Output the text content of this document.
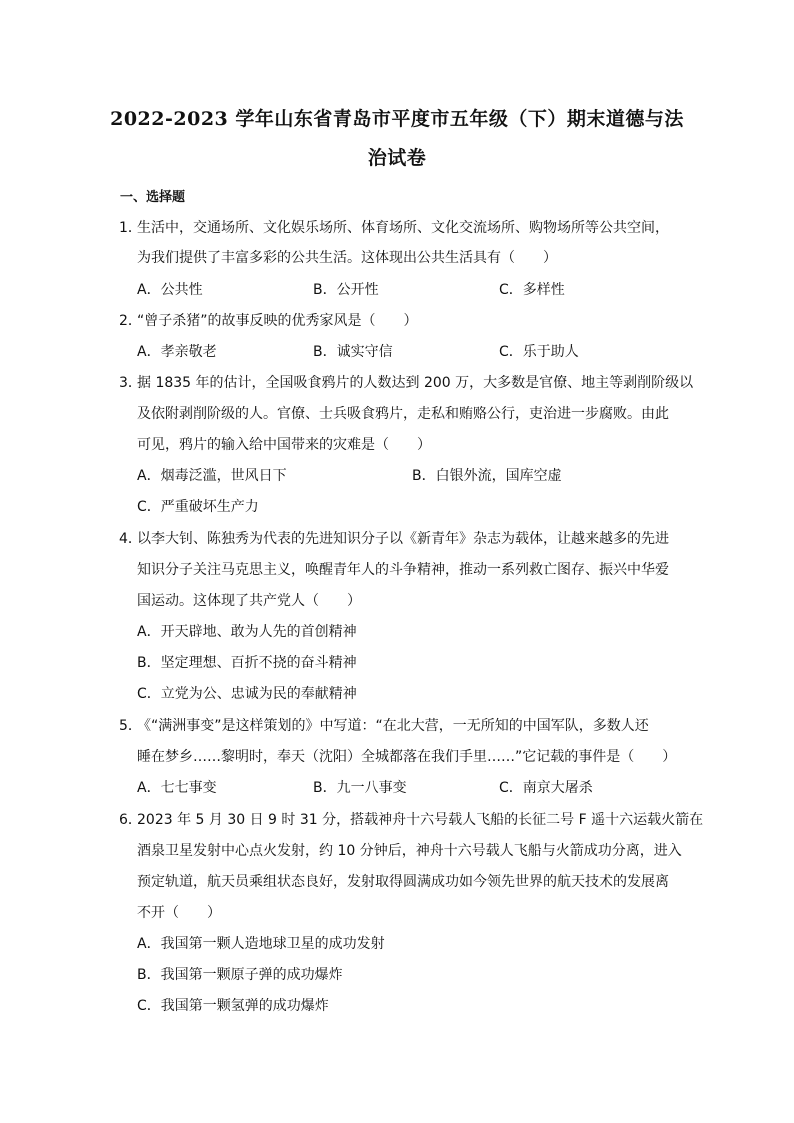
2022-2023 学年山东省青岛市平度市五年级（下）期末道德与法
治试卷
一、选择题
1．
生活中，交通场所、文化娱乐场所、体育场所、文化交流场所、购物场所等公共空间，
为我们提供了丰富多彩的公共生活。这体现出公共生活具有（　　）
A．公共性	B．公开性	C．多样性
2．
“曾子杀猪”的故事反映的优秀家风是（　　）
A．孝亲敬老	B．诚实守信	C．乐于助人
3．
据 1835 年的估计，全国吸食鸦片的人数达到 200 万，大多数是官僚、地主等剥削阶级以
及依附剥削阶级的人。官僚、士兵吸食鸦片，走私和贿赂公行，吏治进一步腐败。由此
可见，鸦片的输入给中国带来的灾难是（　　）
A．烟毒泛滥，世风日下	B．白银外流，国库空虚
C．严重破坏生产力
4．
以李大钊、陈独秀为代表的先进知识分子以《新青年》杂志为载体，让越来越多的先进
知识分子关注马克思主义，唤醒青年人的斗争精神，推动一系列救亡图存、振兴中华爱
国运动。这体现了共产党人（　　）
A．开天辟地、敢为人先的首创精神
B．坚定理想、百折不挠的奋斗精神
C．立党为公、忠诚为民的奉献精神
5．
《“满洲事变”是这样策划的》中写道：“在北大营，一无所知的中国军队，多数人还
睡在梦乡……黎明时，奉天（沈阳）全城都落在我们手里……”它记载的事件是（　　）
A．七七事变	B．九一八事变	C．南京大屠杀
6．
2023 年 5 月 30 日 9 时 31 分，搭载神舟十六号载人飞船的长征二号 F 遥十六运载火箭在
酒泉卫星发射中心点火发射，约 10 分钟后，神舟十六号载人飞船与火箭成功分离，进入
预定轨道，航天员乘组状态良好，发射取得圆满成功如今领先世界的航天技术的发展离
不开（　　）
A．我国第一颗人造地球卫星的成功发射
B．我国第一颗原子弹的成功爆炸
C．我国第一颗氢弹的成功爆炸
